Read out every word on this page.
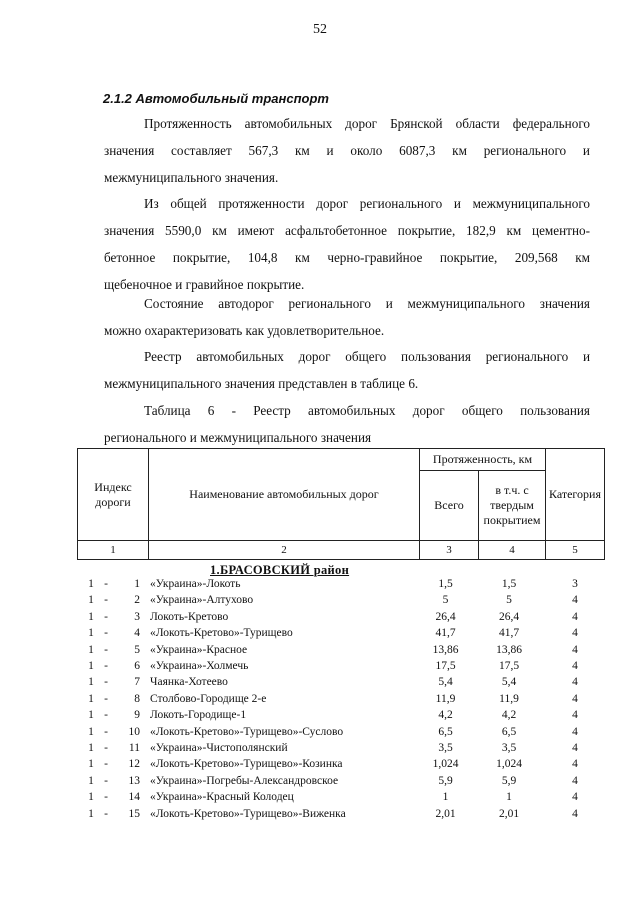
52
2.1.2 Автомобильный транспорт
Протяженность автомобильных дорог Брянской области федерального
значения составляет 567,3 км и около 6087,3 км регионального и
межмуниципального значения.
Из общей протяженности дорог регионального и межмуниципального
значения 5590,0 км имеют асфальтобетонное покрытие, 182,9 км цементно-
бетонное покрытие, 104,8 км черно-гравийное покрытие, 209,568 км
щебеночное и гравийное покрытие.
Состояние автодорог регионального и межмуниципального значения
можно охарактеризовать как удовлетворительное.
Реестр автомобильных дорог общего пользования регионального и
межмуниципального значения представлен в таблице 6.
Таблица 6 - Реестр автомобильных дорог общего пользования
регионального и межмуниципального значения
Индекс дороги	Наименование автомобильных дорог	Протяженность, км		Категория
		Всего	в т.ч. с твердым покрытием	
1	2	3	4	5
1.БРАСОВСКИЙ район
1 -	1 «Украина»-Локоть	1,5	1,5	3
1 -	2 «Украина»-Алтухово	5	5	4
1 -	3 Локоть-Кретово	26,4	26,4	4
1 -	4 «Локоть-Кретово»-Турищево	41,7	41,7	4
1 -	5 «Украина»-Красное	13,86	13,86	4
1 -	6 «Украина»-Холмечь	17,5	17,5	4
1 -	7 Чаянка-Хотеево	5,4	5,4	4
1 -	8 Столбово-Городище 2-е	11,9	11,9	4
1 -	9 Локоть-Городище-1	4,2	4,2	4
1 -	10 «Локоть-Кретово»-Турищево»-Суслово	6,5	6,5	4
1 -	11 «Украина»-Чистополянский	3,5	3,5	4
1 -	12 «Локоть-Кретово»-Турищево»-Козинка	1,024	1,024	4
1 -	13 «Украина»-Погребы-Александровское	5,9	5,9	4
1 -	14 «Украина»-Красный Колодец	1	1	4
1 -	15 «Локоть-Кретово»-Турищево»-Виженка	2,01	2,01	4
